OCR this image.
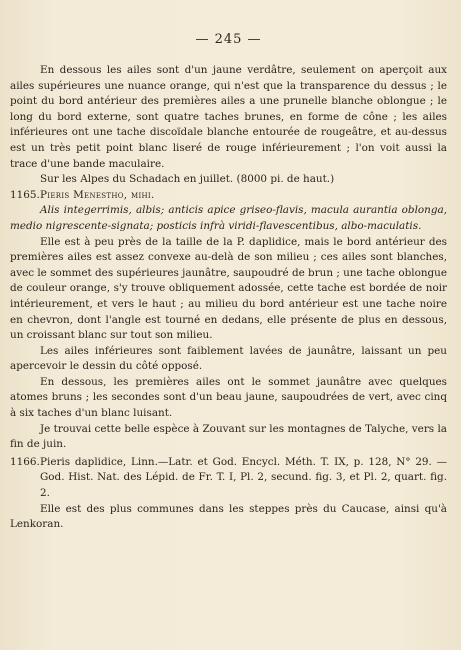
— 245 —

En dessous les ailes sont d'un jaune verdâtre, seulement on aperçoit aux ailes supérieures une nuance orange, qui n'est que la transparence du dessus ; le point du bord antérieur des premières ailes a une prunelle blanche oblongue ; le long du bord externe, sont quatre taches brunes, en forme de cône ; les ailes inférieures ont une tache discoïdale blanche entourée de rougeâtre, et au-dessus est un très petit point blanc liseré de rouge inférieurement ; l'on voit aussi la trace d'une bande maculaire.

Sur les Alpes du Schadach en juillet. (8000 pi. de haut.)

1165. Pieris Menestho, mihi.

Alis integerrimis, albis; anticis apice griseo-flavis, macula aurantia oblonga, medio nigrescente-signata; posticis infrà viridi-flavescentibus, albo-maculatis.

Elle est à peu près de la taille de la P. daplidice, mais le bord antérieur des premières ailes est assez convexe au-delà de son milieu ; ces ailes sont blanches, avec le sommet des supérieures jaunâtre, saupoudré de brun ; une tache oblongue de couleur orange, s'y trouve obliquement adossée, cette tache est bordée de noir intérieurement, et vers le haut ; au milieu du bord antérieur est une tache noire en chevron, dont l'angle est tourné en dedans, elle présente de plus en dessous, un croissant blanc sur tout son milieu.

Les ailes inférieures sont faiblement lavées de jaunâtre, laissant un peu apercevoir le dessin du côté opposé.

En dessous, les premières ailes ont le sommet jaunâtre avec quelques atomes bruns ; les secondes sont d'un beau jaune, saupoudrées de vert, avec cinq à six taches d'un blanc luisant.

Je trouvai cette belle espèce à Zouvant sur les montagnes de Talyche, vers la fin de juin.

1166. Pieris daplidice, Linn.—Latr. et God. Encycl. Méth. T. IX, p. 128, N° 29. — God. Hist. Nat. des Lépid. de Fr. T. I, Pl. 2, secund. fig. 3, et Pl. 2, quart. fig. 2.

Elle est des plus communes dans les steppes près du Caucase, ainsi qu'à Lenkoran.
